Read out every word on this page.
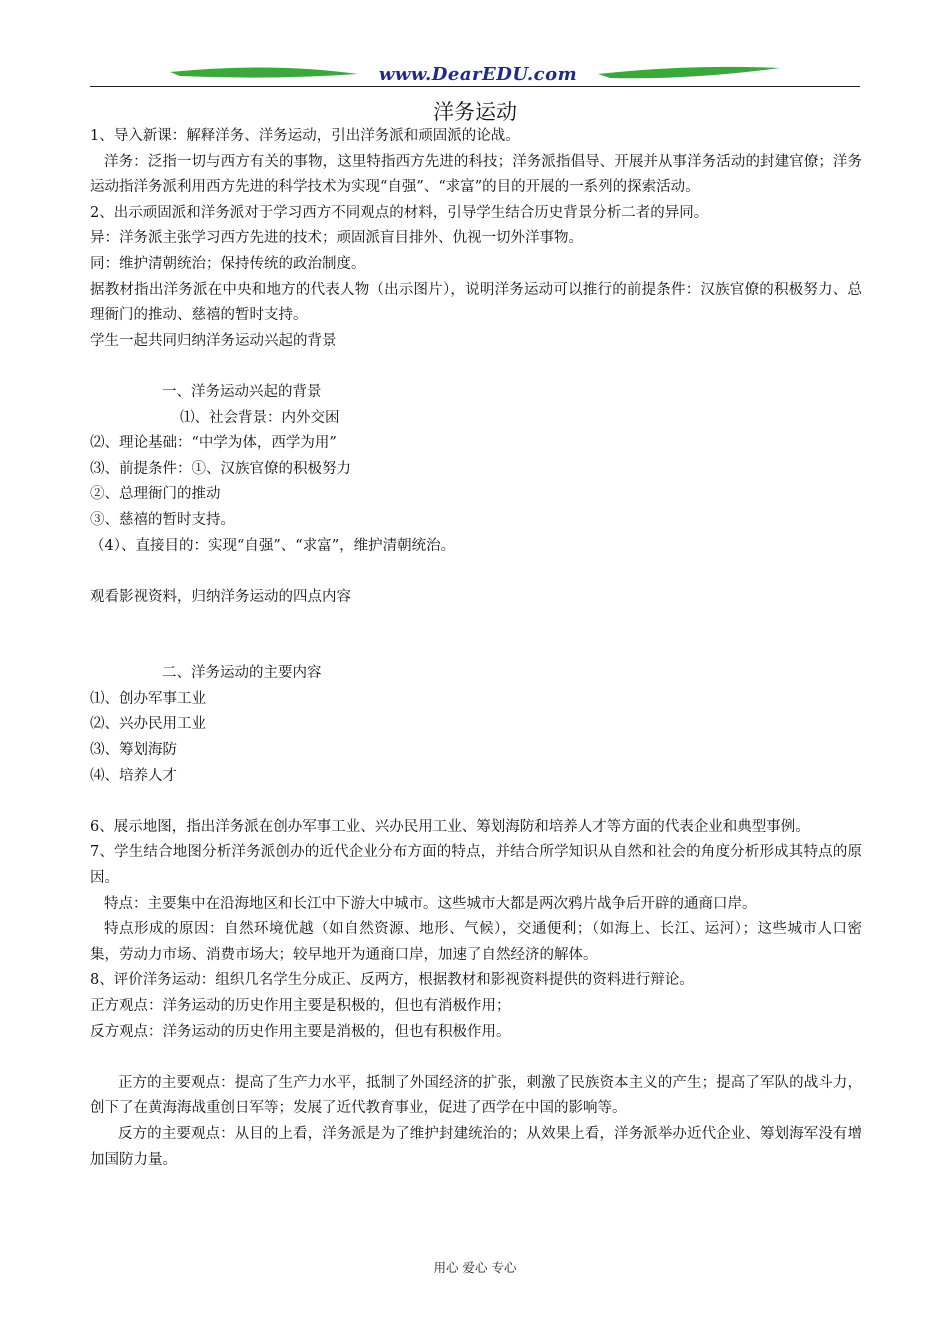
www.DearEDU.com
洋务运动

1、导入新课：解释洋务、洋务运动，引出洋务派和顽固派的论战。

洋务：泛指一切与西方有关的事物，这里特指西方先进的科技；洋务派指倡导、开展并从事洋务活动的封建官僚；洋务运动指洋务派利用西方先进的科学技术为实现“自强”、“求富”的目的开展的一系列的探索活动。

2、出示顽固派和洋务派对于学习西方不同观点的材料，引导学生结合历史背景分析二者的异同。

异：洋务派主张学习西方先进的技术；顽固派盲目排外、仇视一切外洋事物。

同：维护清朝统治；保持传统的政治制度。

据教材指出洋务派在中央和地方的代表人物（出示图片），说明洋务运动可以推行的前提条件：汉族官僚的积极努力、总理衙门的推动、慈禧的暂时支持。

学生一起共同归纳洋务运动兴起的背景

一、洋务运动兴起的背景

⑴、社会背景：内外交困

⑵、理论基础：“中学为体，西学为用”

⑶、前提条件：①、汉族官僚的积极努力

②、总理衙门的推动

③、慈禧的暂时支持。

（4）、直接目的：实现“自强”、“求富”，维护清朝统治。

观看影视资料，归纳洋务运动的四点内容

二、洋务运动的主要内容

⑴、创办军事工业

⑵、兴办民用工业

⑶、筹划海防

⑷、培养人才

6、展示地图，指出洋务派在创办军事工业、兴办民用工业、筹划海防和培养人才等方面的代表企业和典型事例。

7、学生结合地图分析洋务派创办的近代企业分布方面的特点，并结合所学知识从自然和社会的角度分析形成其特点的原因。

特点：主要集中在沿海地区和长江中下游大中城市。这些城市大都是两次鸦片战争后开辟的通商口岸。

特点形成的原因：自然环境优越（如自然资源、地形、气候），交通便利；（如海上、长江、运河）；这些城市人口密集，劳动力市场、消费市场大；较早地开为通商口岸，加速了自然经济的解体。

8、评价洋务运动：组织几名学生分成正、反两方，根据教材和影视资料提供的资料进行辩论。

正方观点：洋务运动的历史作用主要是积极的，但也有消极作用；

反方观点：洋务运动的历史作用主要是消极的，但也有积极作用。

正方的主要观点：提高了生产力水平，抵制了外国经济的扩张，刺激了民族资本主义的产生；提高了军队的战斗力，创下了在黄海海战重创日军等；发展了近代教育事业，促进了西学在中国的影响等。

反方的主要观点：从目的上看，洋务派是为了维护封建统治的；从效果上看，洋务派举办近代企业、筹划海军没有增加国防力量。

用心 爱心 专心
